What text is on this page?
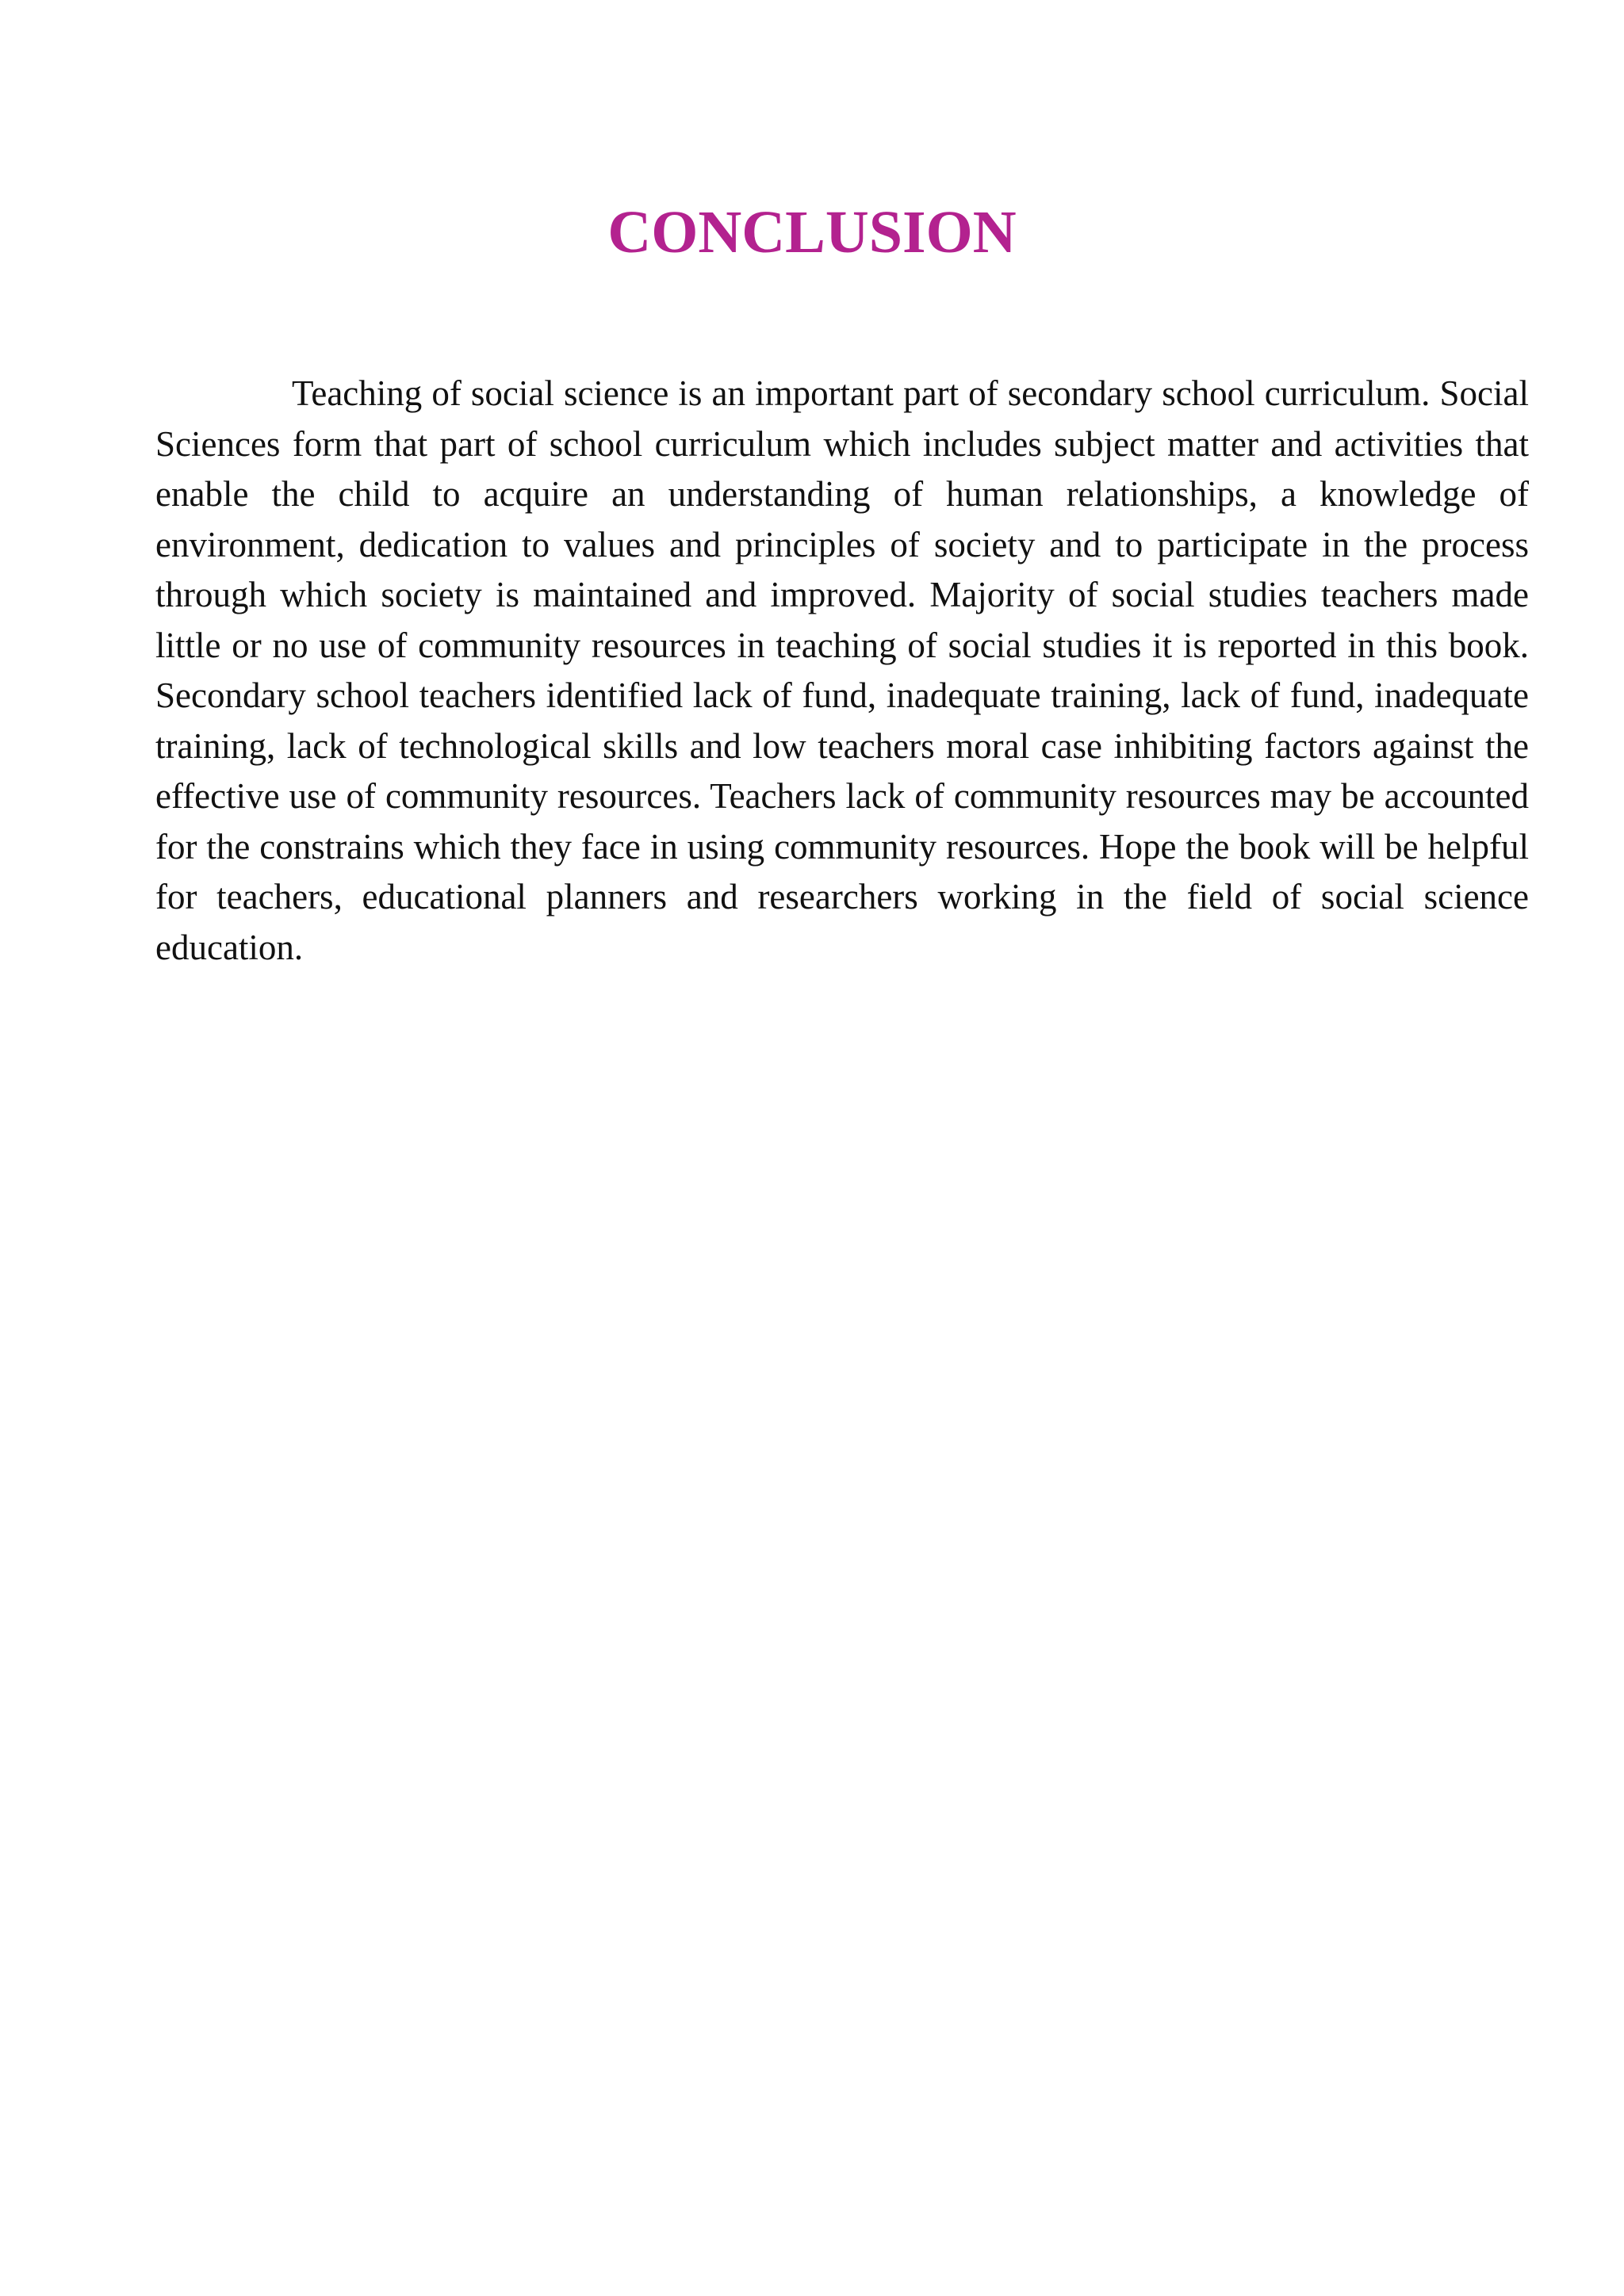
CONCLUSION

Teaching of social science is an important part of secondary school curriculum. Social Sciences form that part of school curriculum which includes subject matter and activities that enable the child to acquire an understanding of human relationships, a knowledge of environment, dedication to values and principles of society and to participate in the process through which society is maintained and improved. Majority of social studies teachers made little or no use of community resources in teaching of social studies it is reported in this book. Secondary school teachers identified lack of fund, inadequate training, lack of fund, inadequate training, lack of technological skills and low teachers moral case inhibiting factors against the effective use of community resources. Teachers lack of community resources may be accounted for the constrains which they face in using community resources. Hope the book will be helpful for teachers, educational planners and researchers working in the field of social science education.
